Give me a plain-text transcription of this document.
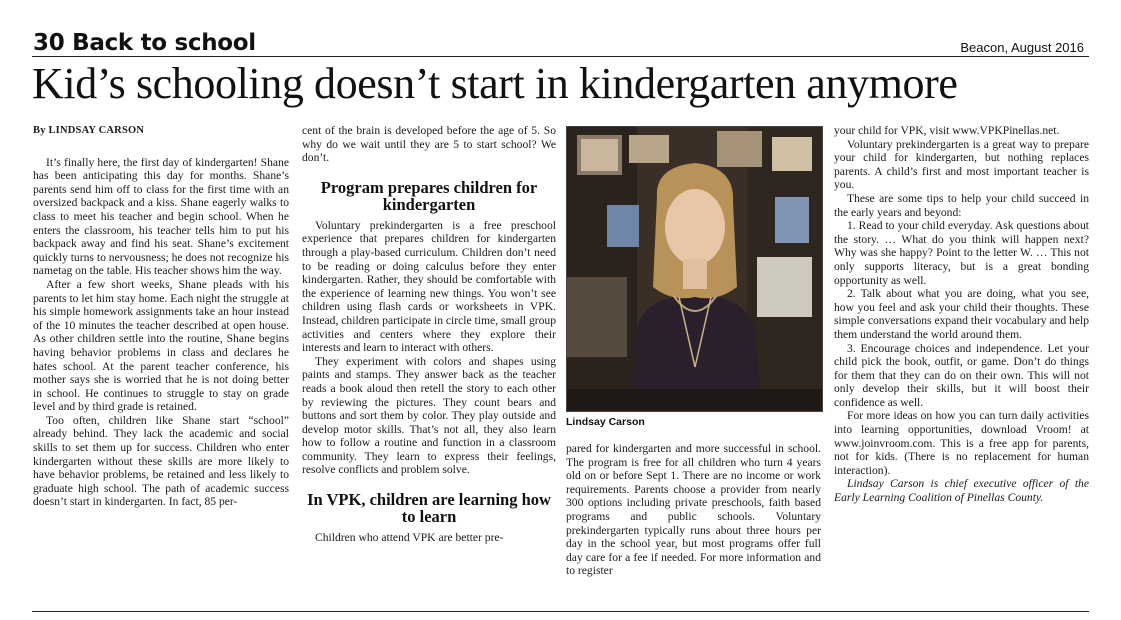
30 Back to school	Beacon, August 2016
Kid’s schooling doesn’t start in kindergarten anymore
By LINDSAY CARSON

It’s finally here, the first day of kindergarten! Shane has been anticipating this day for months. Shane’s parents send him off to class for the first time with an oversized backpack and a kiss. Shane eagerly walks to class to meet his teacher and begin school. When he enters the classroom, his teacher tells him to put his backpack away and find his seat. Shane’s excitement quickly turns to nervousness; he does not recognize his nametag on the table. His teacher shows him the way.

After a few short weeks, Shane pleads with his parents to let him stay home. Each night the struggle at his simple homework assignments take an hour instead of the 10 minutes the teacher described at open house. As other children settle into the routine, Shane begins having behavior problems in class and declares he hates school. At the parent teacher conference, his mother says she is worried that he is not doing better in school. He continues to struggle to stay on grade level and by third grade is retained.

Too often, children like Shane start “school” already behind. They lack the academic and social skills to set them up for success. Children who enter kindergarten without these skills are more likely to have behavior problems, be retained and less likely to graduate high school. The path of academic success doesn’t start in kindergarten. In fact, 85 per-

cent of the brain is developed before the age of 5. So why do we wait until they are 5 to start school? We don’t.

Program prepares children for kindergarten

Voluntary prekindergarten is a free preschool experience that prepares children for kindergarten through a play-based curriculum. Children don’t need to be reading or doing calculus before they enter kindergarten. Rather, they should be comfortable with the experience of learning new things. You won’t see children using flash cards or worksheets in VPK. Instead, children participate in circle time, small group activities and centers where they explore their interests and learn to interact with others.

They experiment with colors and shapes using paints and stamps. They answer back as the teacher reads a book aloud then retell the story to each other by reviewing the pictures. They count bears and buttons and sort them by color. They play outside and develop motor skills. That’s not all, they also learn how to follow a routine and function in a classroom community. They learn to express their feelings, resolve conflicts and problem solve.

In VPK, children are learning how to learn

Children who attend VPK are better pre-

Lindsay Carson

pared for kindergarten and more successful in school. The program is free for all children who turn 4 years old on or before Sept 1. There are no income or work requirements. Parents choose a provider from nearly 300 options including private preschools, faith based programs and public schools. Voluntary prekindergarten typically runs about three hours per day in the school year, but most programs offer full day care for a fee if needed. For more information and to register

your child for VPK, visit www.VPKPinellas.net.

Voluntary prekindergarten is a great way to prepare your child for kindergarten, but nothing replaces parents. A child’s first and most important teacher is you.

These are some tips to help your child succeed in the early years and beyond:

1. Read to your child everyday. Ask questions about the story. … What do you think will happen next? Why was she happy? Point to the letter W. … This not only supports literacy, but is a great bonding opportunity as well.

2. Talk about what you are doing, what you see, how you feel and ask your child their thoughts. These simple conversations expand their vocabulary and help them understand the world around them.

3. Encourage choices and independence. Let your child pick the book, outfit, or game. Don’t do things for them that they can do on their own. This will not only develop their skills, but it will boost their confidence as well.

For more ideas on how you can turn daily activities into learning opportunities, download Vroom! at www.joinvroom.com. This is a free app for parents, not for kids. (There is no replacement for human interaction).

Lindsay Carson is chief executive officer of the Early Learning Coalition of Pinellas County.
